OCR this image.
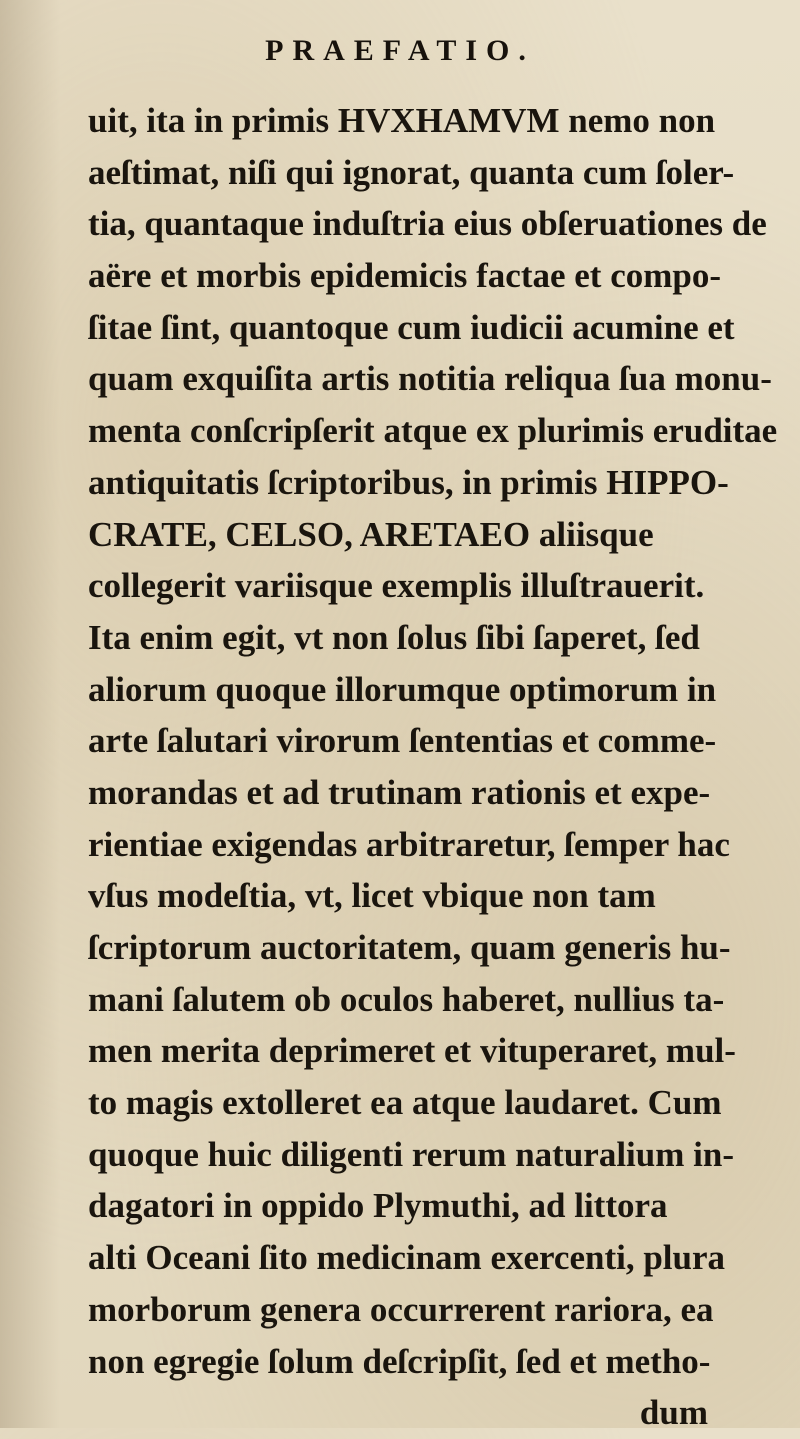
PRAEFATIO.
uit, ita in primis HVXHAMVM nemo non
aeſtimat, niſi qui ignorat, quanta cum ſoler-
tia, quantaque induſtria eius obſeruationes de
aëre et morbis epidemicis factae et compo-
ſitae ſint, quantoque cum iudicii acumine et
quam exquiſita artis notitia reliqua ſua monu-
menta conſcripſerit atque ex plurimis eruditae
antiquitatis ſcriptoribus, in primis HIPPO-
CRATE, CELSO, ARETAEO aliisque
collegerit variisque exemplis illuſtrauerit.
Ita enim egit, vt non ſolus ſibi ſaperet, ſed
aliorum quoque illorumque optimorum in
arte ſalutari virorum ſententias et comme-
morandas et ad trutinam rationis et expe-
rientiae exigendas arbitraretur, ſemper hac
vſus modeſtia, vt, licet vbique non tam
ſcriptorum auctoritatem, quam generis hu-
mani ſalutem ob oculos haberet, nullius ta-
men merita deprimeret et vituperaret, mul-
to magis extolleret ea atque laudaret. Cum
quoque huic diligenti rerum naturalium in-
dagatori in oppido Plymuthi, ad littora
alti Oceani ſito medicinam exercenti, plura
morborum genera occurrerent rariora, ea
non egregie ſolum deſcripſit, ſed et metho-
dum
